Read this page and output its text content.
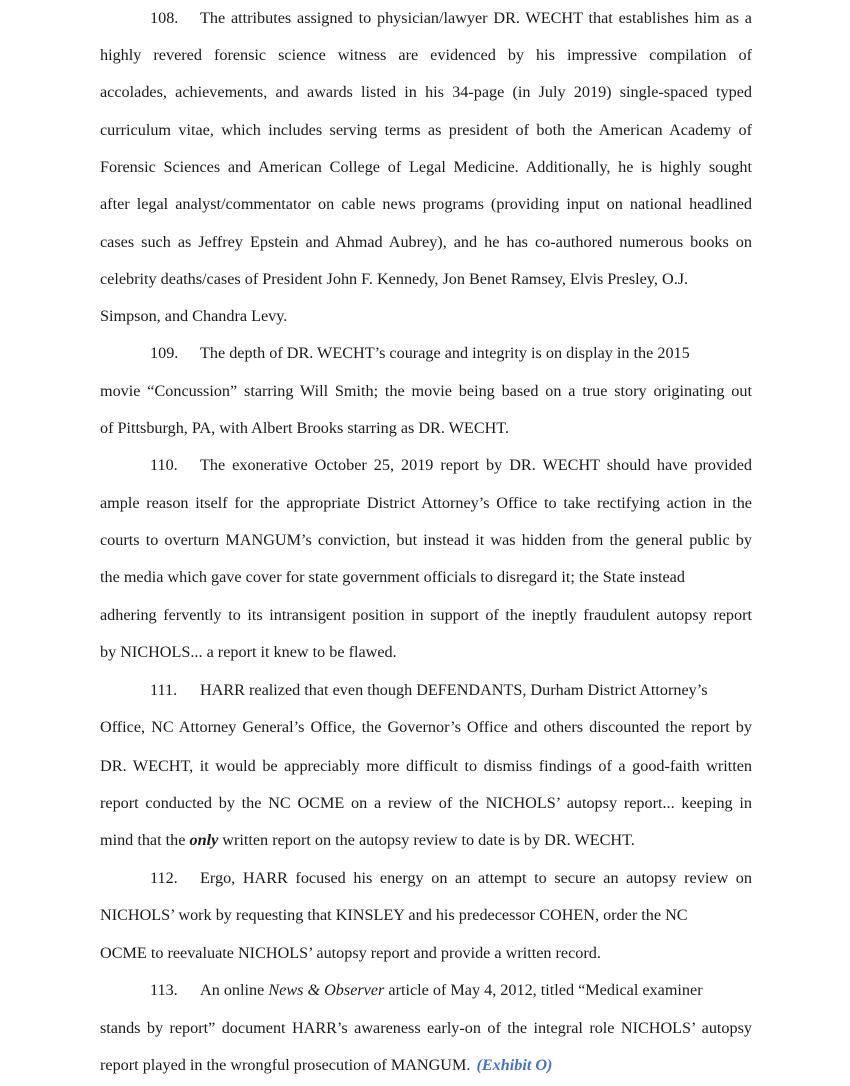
108. The attributes assigned to physician/lawyer DR. WECHT that establishes him as a
highly revered forensic science witness are evidenced by his impressive compilation of
accolades, achievements, and awards listed in his 34-page (in July 2019) single-spaced typed
curriculum vitae, which includes serving terms as president of both the American Academy of
Forensic Sciences and American College of Legal Medicine. Additionally, he is highly sought
after legal analyst/commentator on cable news programs (providing input on national headlined
cases such as Jeffrey Epstein and Ahmad Aubrey), and he has co-authored numerous books on
celebrity deaths/cases of President John F. Kennedy, Jon Benet Ramsey, Elvis Presley, O.J.
Simpson, and Chandra Levy.
109. The depth of DR. WECHT’s courage and integrity is on display in the 2015
movie “Concussion” starring Will Smith; the movie being based on a true story originating out
of Pittsburgh, PA, with Albert Brooks starring as DR. WECHT.
110. The exonerative October 25, 2019 report by DR. WECHT should have provided
ample reason itself for the appropriate District Attorney’s Office to take rectifying action in the
courts to overturn MANGUM’s conviction, but instead it was hidden from the general public by
the media which gave cover for state government officials to disregard it; the State instead
adhering fervently to its intransigent position in support of the ineptly fraudulent autopsy report
by NICHOLS... a report it knew to be flawed.
111. HARR realized that even though DEFENDANTS, Durham District Attorney’s
Office, NC Attorney General’s Office, the Governor’s Office and others discounted the report by
DR. WECHT, it would be appreciably more difficult to dismiss findings of a good-faith written
report conducted by the NC OCME on a review of the NICHOLS’ autopsy report... keeping in
mind that the only written report on the autopsy review to date is by DR. WECHT.
112. Ergo, HARR focused his energy on an attempt to secure an autopsy review on
NICHOLS’ work by requesting that KINSLEY and his predecessor COHEN, order the NC
OCME to reevaluate NICHOLS’ autopsy report and provide a written record.
113. An online News & Observer article of May 4, 2012, titled “Medical examiner
stands by report” document HARR’s awareness early-on of the integral role NICHOLS’ autopsy
report played in the wrongful prosecution of MANGUM. (Exhibit O)
